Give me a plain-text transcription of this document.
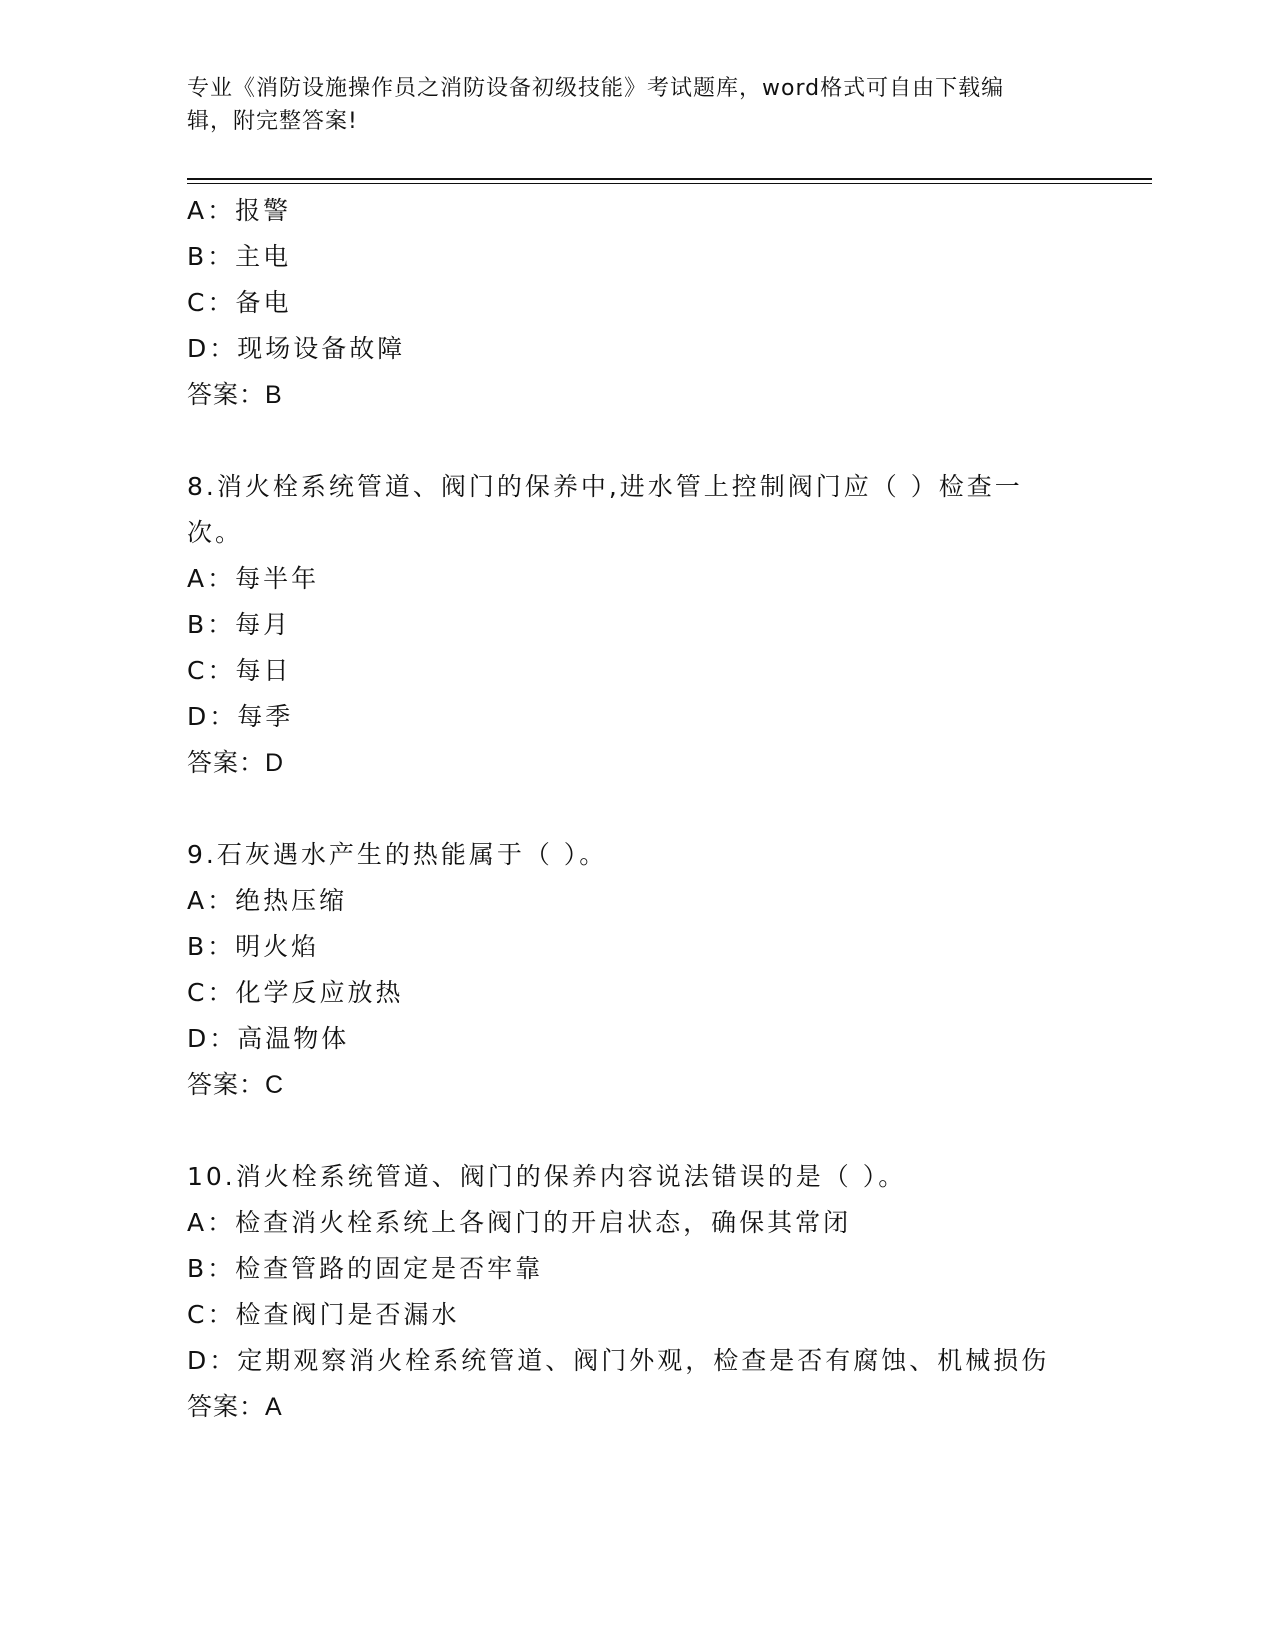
专业《消防设施操作员之消防设备初级技能》考试题库，word格式可自由下载编
辑，附完整答案!
A：报警
B：主电
C：备电
D：现场设备故障
答案：B
8.消火栓系统管道、阀门的保养中,进水管上控制阀门应（ ）检查一
次。
A：每半年
B：每月
C：每日
D：每季
答案：D
9.石灰遇水产生的热能属于（ ）。
A：绝热压缩
B：明火焰
C：化学反应放热
D：高温物体
答案：C
10.消火栓系统管道、阀门的保养内容说法错误的是（ ）。
A：检查消火栓系统上各阀门的开启状态，确保其常闭
B：检查管路的固定是否牢靠
C：检查阀门是否漏水
D：定期观察消火栓系统管道、阀门外观，检查是否有腐蚀、机械损伤
答案：A
